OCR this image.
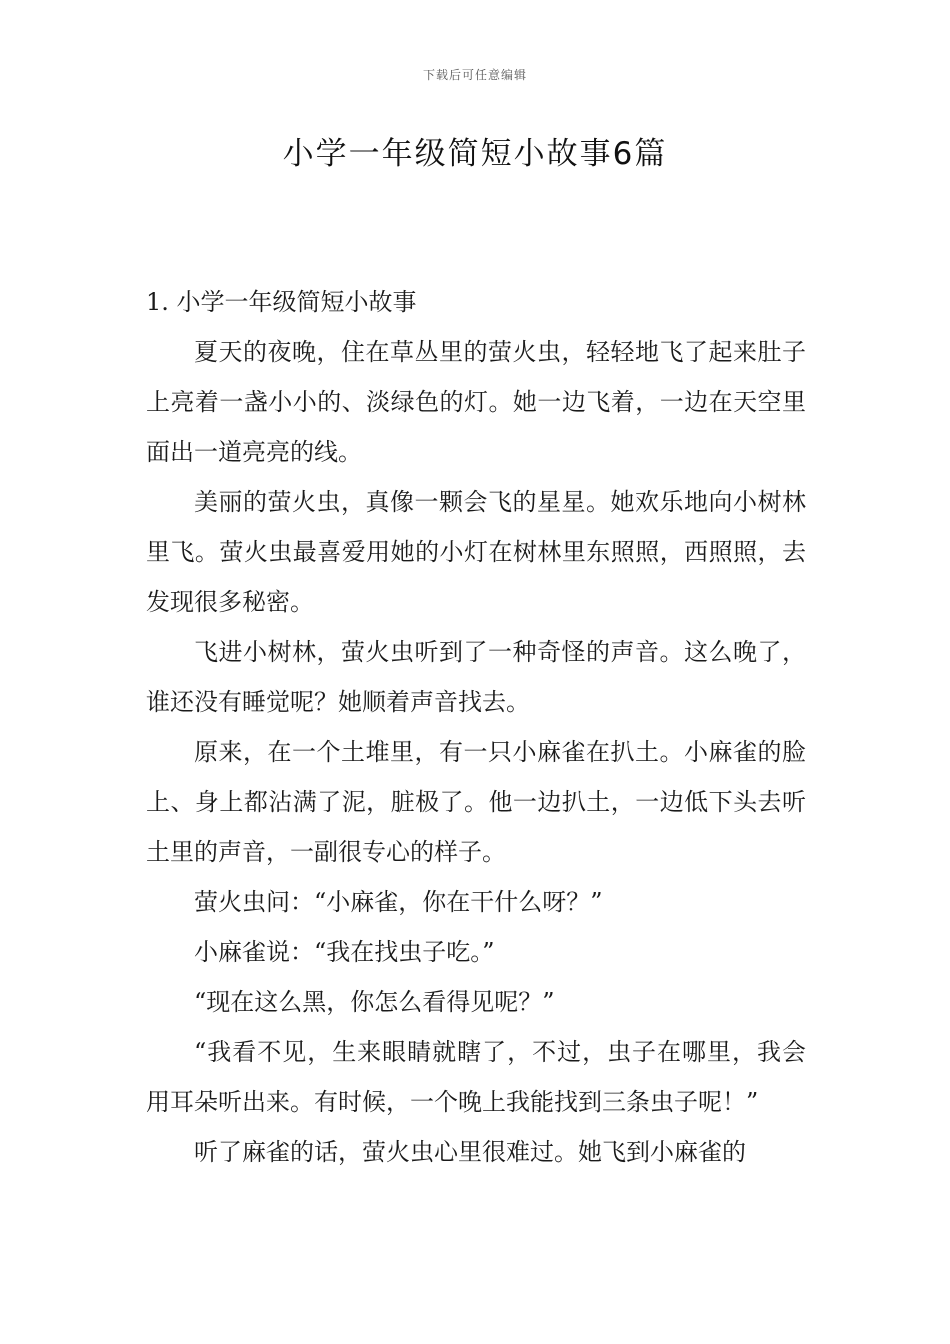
下载后可任意编辑
小学一年级简短小故事6篇

1. 小学一年级简短小故事

夏天的夜晚，住在草丛里的萤火虫，轻轻地飞了起来肚子上亮着一盏小小的、淡绿色的灯。她一边飞着，一边在天空里面出一道亮亮的线。

美丽的萤火虫，真像一颗会飞的星星。她欢乐地向小树林里飞。萤火虫最喜爱用她的小灯在树林里东照照，西照照，去发现很多秘密。

飞进小树林，萤火虫听到了一种奇怪的声音。这么晚了，谁还没有睡觉呢？她顺着声音找去。

原来，在一个土堆里，有一只小麻雀在扒土。小麻雀的脸上、身上都沾满了泥，脏极了。他一边扒土，一边低下头去听土里的声音，一副很专心的样子。

萤火虫问：“小麻雀，你在干什么呀？”

小麻雀说：“我在找虫子吃。”

“现在这么黑，你怎么看得见呢？”

“我看不见，生来眼睛就瞎了，不过，虫子在哪里，我会用耳朵听出来。有时候，一个晚上我能找到三条虫子呢！”

听了麻雀的话，萤火虫心里很难过。她飞到小麻雀的
